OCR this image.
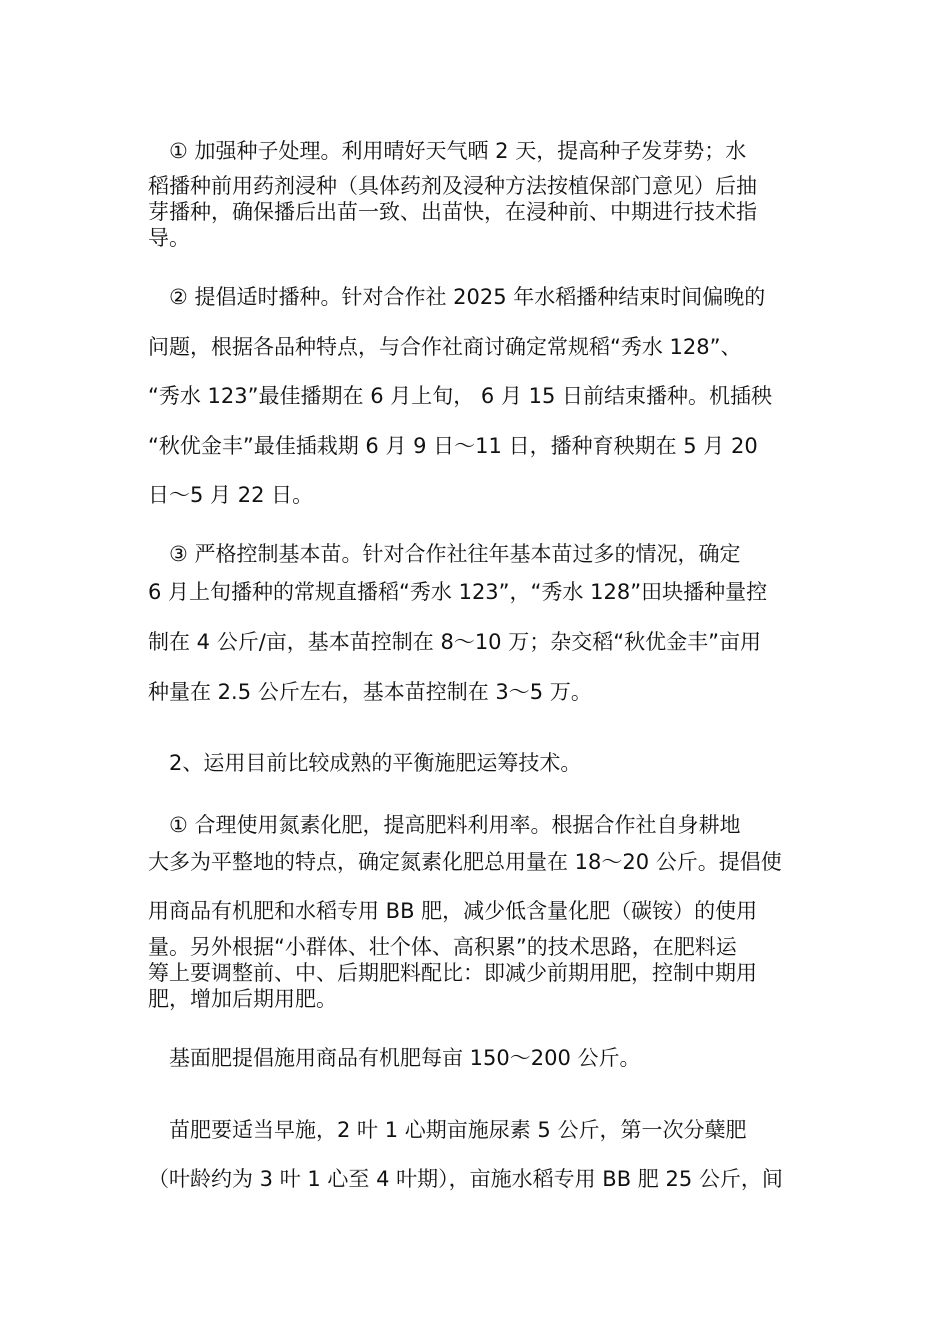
　① 加强种子处理。利用晴好天气晒 2 天，提高种子发芽势；水
稻播种前用药剂浸种（具体药剂及浸种方法按植保部门意见）后抽
芽播种，确保播后出苗一致、出苗快，在浸种前、中期进行技术指
导。
　② 提倡适时播种。针对合作社 2025 年水稻播种结束时间偏晚的
问题，根据各品种特点，与合作社商讨确定常规稻“秀水 128”、
“秀水 123”最佳播期在 6 月上旬， 6 月 15 日前结束播种。机插秧
“秋优金丰”最佳插栽期 6 月 9 日～11 日，播种育秧期在 5 月 20
日～5 月 22 日。
　③ 严格控制基本苗。针对合作社往年基本苗过多的情况，确定
6 月上旬播种的常规直播稻“秀水 123”，“秀水 128”田块播种量控
制在 4 公斤/亩，基本苗控制在 8～10 万；杂交稻“秋优金丰”亩用
种量在 2.5 公斤左右，基本苗控制在 3～5 万。
　2、运用目前比较成熟的平衡施肥运筹技术。
　① 合理使用氮素化肥，提高肥料利用率。根据合作社自身耕地
大多为平整地的特点，确定氮素化肥总用量在 18～20 公斤。提倡使
用商品有机肥和水稻专用 BB 肥，减少低含量化肥（碳铵）的使用
量。另外根据“小群体、壮个体、高积累”的技术思路，在肥料运
筹上要调整前、中、后期肥料配比：即减少前期用肥，控制中期用
肥，增加后期用肥。
　基面肥提倡施用商品有机肥每亩 150～200 公斤。
　苗肥要适当早施，2 叶 1 心期亩施尿素 5 公斤，第一次分蘖肥
（叶龄约为 3 叶 1 心至 4 叶期），亩施水稻专用 BB 肥 25 公斤，间
